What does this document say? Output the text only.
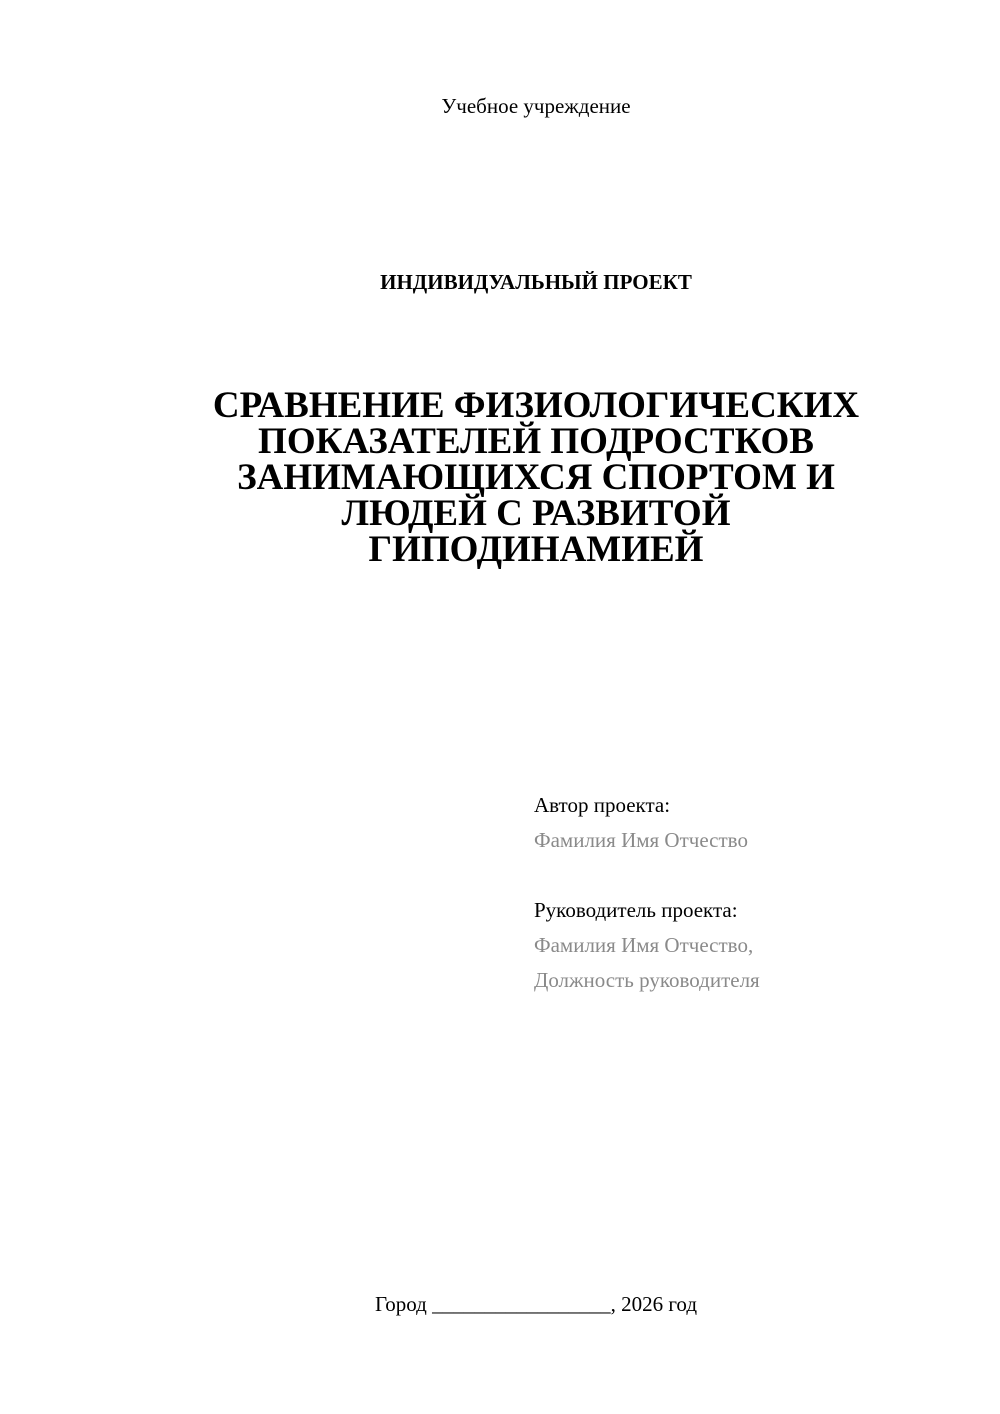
Учебное учреждение
ИНДИВИДУАЛЬНЫЙ ПРОЕКТ
СРАВНЕНИЕ ФИЗИОЛОГИЧЕСКИХ
ПОКАЗАТЕЛЕЙ ПОДРОСТКОВ
ЗАНИМАЮЩИХСЯ СПОРТОМ И
ЛЮДЕЙ С РАЗВИТОЙ
ГИПОДИНАМИЕЙ
Автор проекта:
Фамилия Имя Отчество
Руководитель проекта:
Фамилия Имя Отчество,
Должность руководителя
Город _________________, 2026 год
